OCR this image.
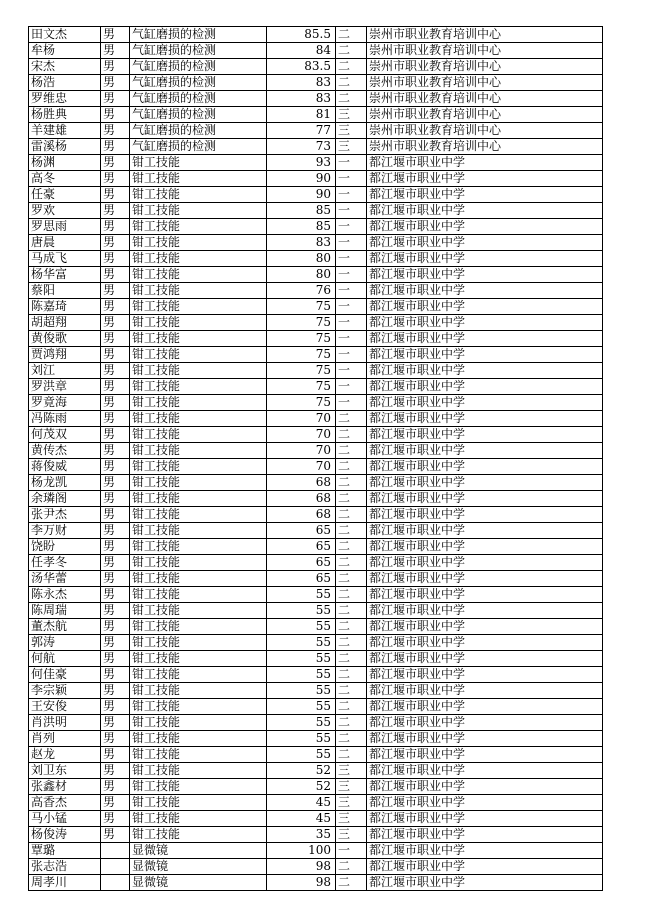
田文杰	男	气缸磨损的检测	85.5	二	崇州市职业教育培训中心
牟杨	男	气缸磨损的检测	84	二	崇州市职业教育培训中心
宋杰	男	气缸磨损的检测	83.5	二	崇州市职业教育培训中心
杨浩	男	气缸磨损的检测	83	二	崇州市职业教育培训中心
罗维忠	男	气缸磨损的检测	83	二	崇州市职业教育培训中心
杨胜典	男	气缸磨损的检测	81	三	崇州市职业教育培训中心
羊建雄	男	气缸磨损的检测	77	三	崇州市职业教育培训中心
雷溪杨	男	气缸磨损的检测	73	三	崇州市职业教育培训中心
杨渊	男	钳工技能	93	一	都江堰市职业中学
高冬	男	钳工技能	90	一	都江堰市职业中学
任豪	男	钳工技能	90	一	都江堰市职业中学
罗欢	男	钳工技能	85	一	都江堰市职业中学
罗思雨	男	钳工技能	85	一	都江堰市职业中学
唐晨	男	钳工技能	83	一	都江堰市职业中学
马成飞	男	钳工技能	80	一	都江堰市职业中学
杨华富	男	钳工技能	80	一	都江堰市职业中学
蔡阳	男	钳工技能	76	一	都江堰市职业中学
陈嘉琦	男	钳工技能	75	一	都江堰市职业中学
胡超翔	男	钳工技能	75	一	都江堰市职业中学
黄俊歌	男	钳工技能	75	一	都江堰市职业中学
贾鸿翔	男	钳工技能	75	一	都江堰市职业中学
刘江	男	钳工技能	75	一	都江堰市职业中学
罗洪章	男	钳工技能	75	一	都江堰市职业中学
罗竟海	男	钳工技能	75	一	都江堰市职业中学
冯陈雨	男	钳工技能	70	二	都江堰市职业中学
何茂双	男	钳工技能	70	二	都江堰市职业中学
黄传杰	男	钳工技能	70	二	都江堰市职业中学
蒋俊威	男	钳工技能	70	二	都江堰市职业中学
杨龙凯	男	钳工技能	68	二	都江堰市职业中学
余璘阁	男	钳工技能	68	二	都江堰市职业中学
张尹杰	男	钳工技能	68	二	都江堰市职业中学
李万财	男	钳工技能	65	二	都江堰市职业中学
饶盼	男	钳工技能	65	二	都江堰市职业中学
任孝冬	男	钳工技能	65	二	都江堰市职业中学
汤华蕾	男	钳工技能	65	二	都江堰市职业中学
陈永杰	男	钳工技能	55	二	都江堰市职业中学
陈周瑞	男	钳工技能	55	二	都江堰市职业中学
董杰航	男	钳工技能	55	二	都江堰市职业中学
郭涛	男	钳工技能	55	二	都江堰市职业中学
何航	男	钳工技能	55	二	都江堰市职业中学
何佳豪	男	钳工技能	55	二	都江堰市职业中学
李宗颖	男	钳工技能	55	二	都江堰市职业中学
王安俊	男	钳工技能	55	二	都江堰市职业中学
肖洪明	男	钳工技能	55	二	都江堰市职业中学
肖列	男	钳工技能	55	二	都江堰市职业中学
赵龙	男	钳工技能	55	二	都江堰市职业中学
刘卫东	男	钳工技能	52	三	都江堰市职业中学
张鑫材	男	钳工技能	52	三	都江堰市职业中学
高香杰	男	钳工技能	45	三	都江堰市职业中学
马小锰	男	钳工技能	45	三	都江堰市职业中学
杨俊涛	男	钳工技能	35	三	都江堰市职业中学
覃璐		显微镜	100	一	都江堰市职业中学
张志浩		显微镜	98	二	都江堰市职业中学
周孝川		显微镜	98	二	都江堰市职业中学
